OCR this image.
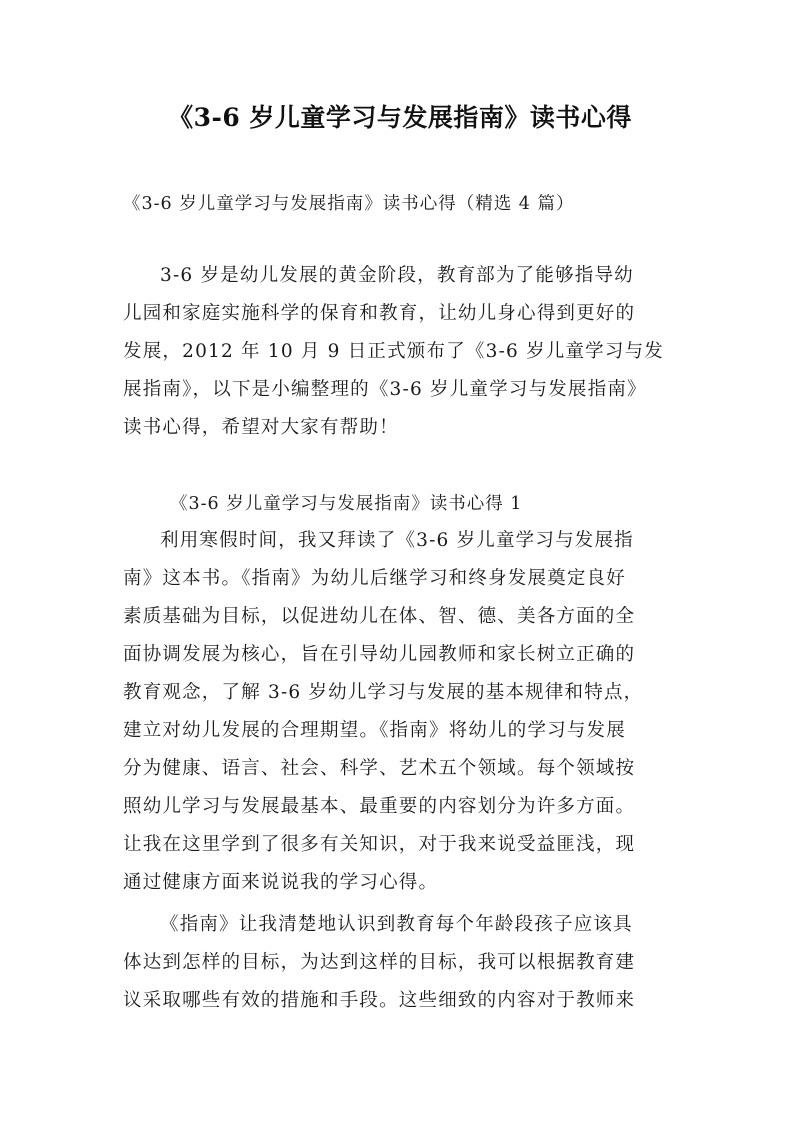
《3-6 岁儿童学习与发展指南》读书心得

《3-6 岁儿童学习与发展指南》读书心得（精选 4 篇）

3-6 岁是幼儿发展的黄金阶段，教育部为了能够指导幼
儿园和家庭实施科学的保育和教育，让幼儿身心得到更好的
发展，2012 年 10 月 9 日正式颁布了《3-6 岁儿童学习与发
展指南》，以下是小编整理的《3-6 岁儿童学习与发展指南》
读书心得，希望对大家有帮助！

《3-6 岁儿童学习与发展指南》读书心得 1

利用寒假时间，我又拜读了《3-6 岁儿童学习与发展指
南》这本书。《指南》为幼儿后继学习和终身发展奠定良好
素质基础为目标，以促进幼儿在体、智、德、美各方面的全
面协调发展为核心，旨在引导幼儿园教师和家长树立正确的
教育观念，了解 3-6 岁幼儿学习与发展的基本规律和特点，
建立对幼儿发展的合理期望。《指南》将幼儿的学习与发展
分为健康、语言、社会、科学、艺术五个领域。每个领域按
照幼儿学习与发展最基本、最重要的内容划分为许多方面。
让我在这里学到了很多有关知识，对于我来说受益匪浅，现
通过健康方面来说说我的学习心得。
《指南》让我清楚地认识到教育每个年龄段孩子应该具
体达到怎样的目标，为达到这样的目标，我可以根据教育建
议采取哪些有效的措施和手段。这些细致的内容对于教师来
